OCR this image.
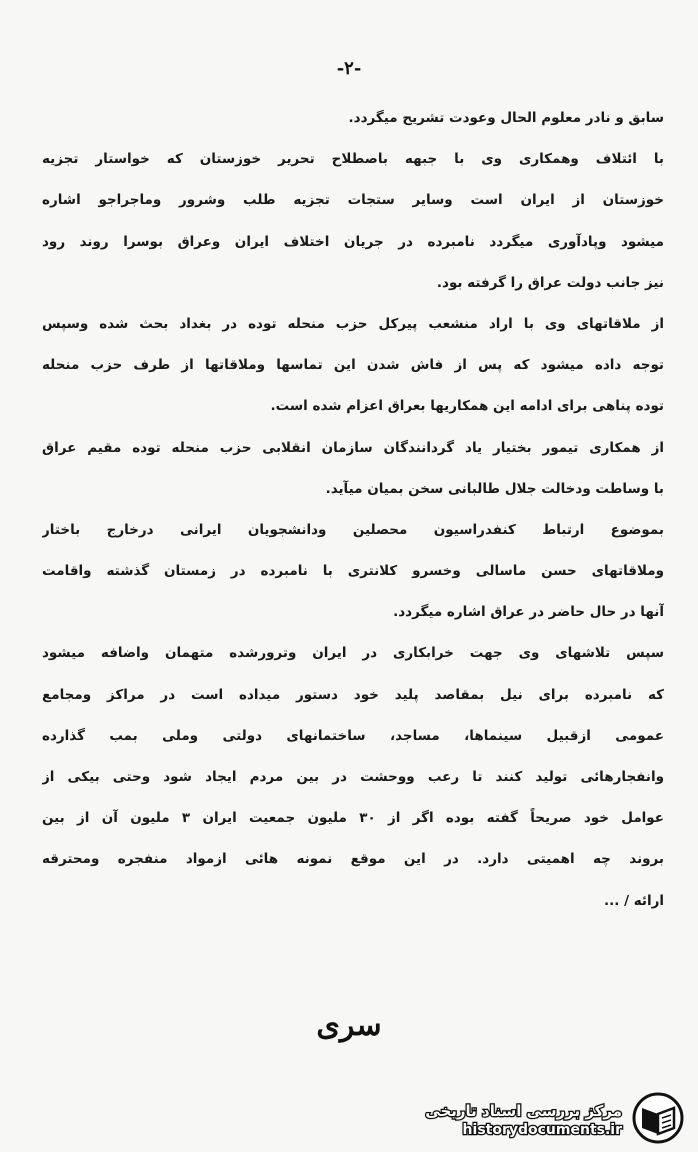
-۲-
سابق و نادر معلوم الحال وعودت تشریح میگردد.
با ائتلاف وهمکاری وی با جبهه باصطلاح تحریر خوزستان که خواستار تجزیه
خوزستان از ایران است وسایر ستجات تجزیه طلب وشرور وماجراجو اشاره
میشود وپادآوری میگردد نامبرده در جریان اختلاف ایران وعراق بوسرا روند رود
نیز جانب دولت عراق را گرفته بود.
از ملاقاتهای وی با اراد منشعب پیرکل حزب منحله توده در بغداد بحث شده وسپس
توجه داده میشود که پس از فاش شدن این تماسها وملاقاتها از طرف حزب منحله
توده پناهی برای ادامه این همکاریها بعراق اعزام شده است.
از همکاری تیمور بختیار یاد گردانندگان سازمان انقلابی حزب منحله توده مقیم عراق
با وساطت ودخالت جلال طالبانی سخن بمیان میآید.
بموضوع ارتباط کنفدراسیون محصلین ودانشجویان ایرانی درخارج باختار
وملاقاتهای حسن ماسالی وخسرو کلانتری با نامبرده در زمستان گذشته واقامت
آنها در حال حاضر در عراق اشاره میگردد.
سپس تلاشهای وی جهت خرابکاری در ایران وترورشده متهمان واضافه میشود
که نامبرده برای نیل بمقاصد پلید خود دستور میداده است در مراکز ومجامع
عمومی ازقبیل سینماها، مساجد، ساختمانهای دولتی وملی بمب گذارده
وانفجارهائی تولید کنند تا رعب ووحشت در بین مردم ایجاد شود وحتی بیکی از
عوامل خود صریحاً گفته بوده اگر از ۳۰ ملیون جمعیت ایران ۳ ملیون آن از بین
بروند چه اهمیتی دارد. در این موقع نمونه هائی ازمواد منفجره ومحترقه
ارائه / ...
سری
مرکز بررسی اسناد تاریخی
historydocuments.ir
